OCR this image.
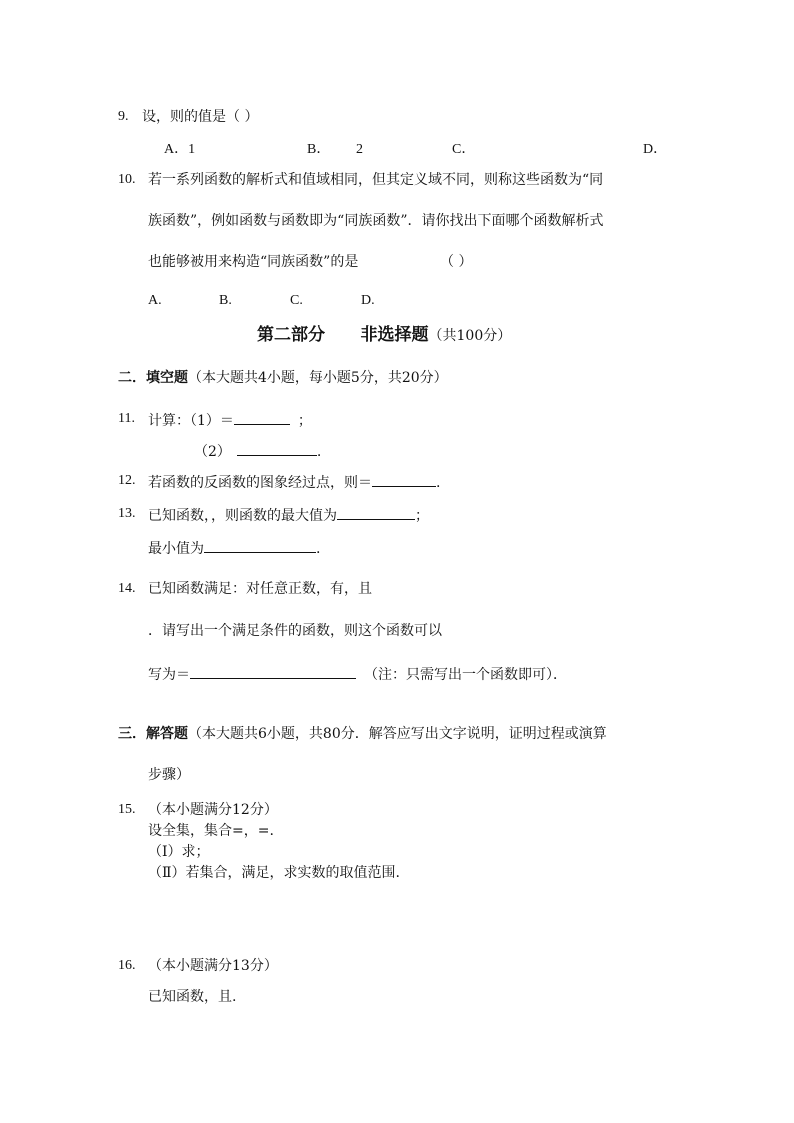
9. 设，则的值是（ ）
A．1	B． 2	C．	D．
10. 若一系列函数的解析式和值域相同，但其定义域不同，则称这些函数为“同
族函数”，例如函数与函数即为“同族函数”．请你找出下面哪个函数解析式
也能够被用来构造“同族函数”的是	（ ）
A.	B.	C.	D.
第二部分      非选择题（共100分）
二．填空题（本大题共4小题，每小题5分，共20分）
11. 计算：（1）＝	；
（2）	.
12. 若函数的反函数的图象经过点，则＝	.
13. 已知函数，，则函数的最大值为	；
最小值为	.
14. 已知函数满足：对任意正数，有，且
．请写出一个满足条件的函数，则这个函数可以
写为＝	（注：只需写出一个函数即可）．
三．解答题（本大题共6小题，共80分．解答应写出文字说明，证明过程或演算
步骤）
15. （本小题满分12分）
设全集，集合=，=.
（Ⅰ）求；
（Ⅱ）若集合，满足，求实数的取值范围.
16. （本小题满分13分）
已知函数，且.
